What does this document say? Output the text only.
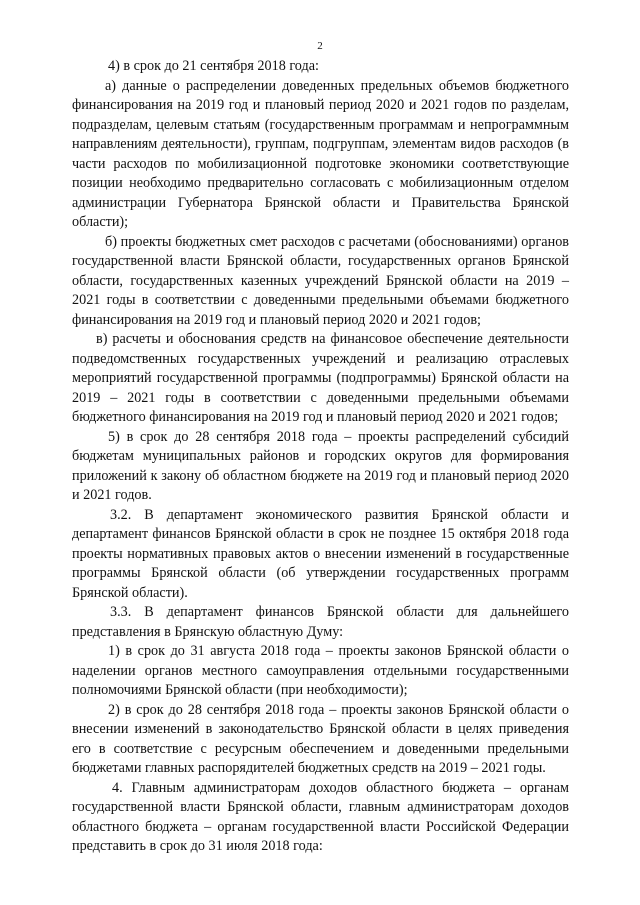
2

4) в срок до 21 сентября 2018 года:

а) данные о распределении доведенных предельных объемов бюджетного финансирования на 2019 год и плановый период 2020 и 2021 годов по разделам, подразделам, целевым статьям (государственным программам и непрограммным направлениям деятельности), группам, подгруппам, элементам видов расходов (в части расходов по мобилизационной подготовке экономики соответствующие позиции необходимо предварительно согласовать с мобилизационным отделом администрации Губернатора Брянской области и Правительства Брянской области);

б) проекты бюджетных смет расходов с расчетами (обоснованиями) органов государственной власти Брянской области, государственных органов Брянской области, государственных казенных учреждений Брянской области на 2019 – 2021 годы в соответствии с доведенными предельными объемами бюджетного финансирования на 2019 год и плановый период 2020 и 2021 годов;

в) расчеты и обоснования средств на финансовое обеспечение деятельности подведомственных государственных учреждений и реализацию отраслевых мероприятий государственной программы (подпрограммы) Брянской области на 2019 – 2021 годы в соответствии с доведенными предельными объемами бюджетного финансирования на 2019 год и плановый период 2020 и 2021 годов;

5) в срок до 28 сентября 2018 года – проекты распределений субсидий бюджетам муниципальных районов и городских округов для формирования приложений к закону об областном бюджете на 2019 год и плановый период 2020 и 2021 годов.

3.2. В департамент экономического развития Брянской области и департамент финансов Брянской области в срок не позднее 15 октября 2018 года проекты нормативных правовых актов о внесении изменений в государственные программы Брянской области (об утверждении государственных программ Брянской области).

3.3. В департамент финансов Брянской области для дальнейшего представления в Брянскую областную Думу:

1) в срок до 31 августа 2018 года – проекты законов Брянской области о наделении органов местного самоуправления отдельными государственными полномочиями Брянской области (при необходимости);

2) в срок до 28 сентября 2018 года – проекты законов Брянской области о внесении изменений в законодательство Брянской области в целях приведения его в соответствие с ресурсным обеспечением и доведенными предельными бюджетами главных распорядителей бюджетных средств на 2019 – 2021 годы.

4. Главным администраторам доходов областного бюджета – органам государственной власти Брянской области, главным администраторам доходов областного бюджета – органам государственной власти Российской Федерации представить в срок до 31 июля 2018 года:
